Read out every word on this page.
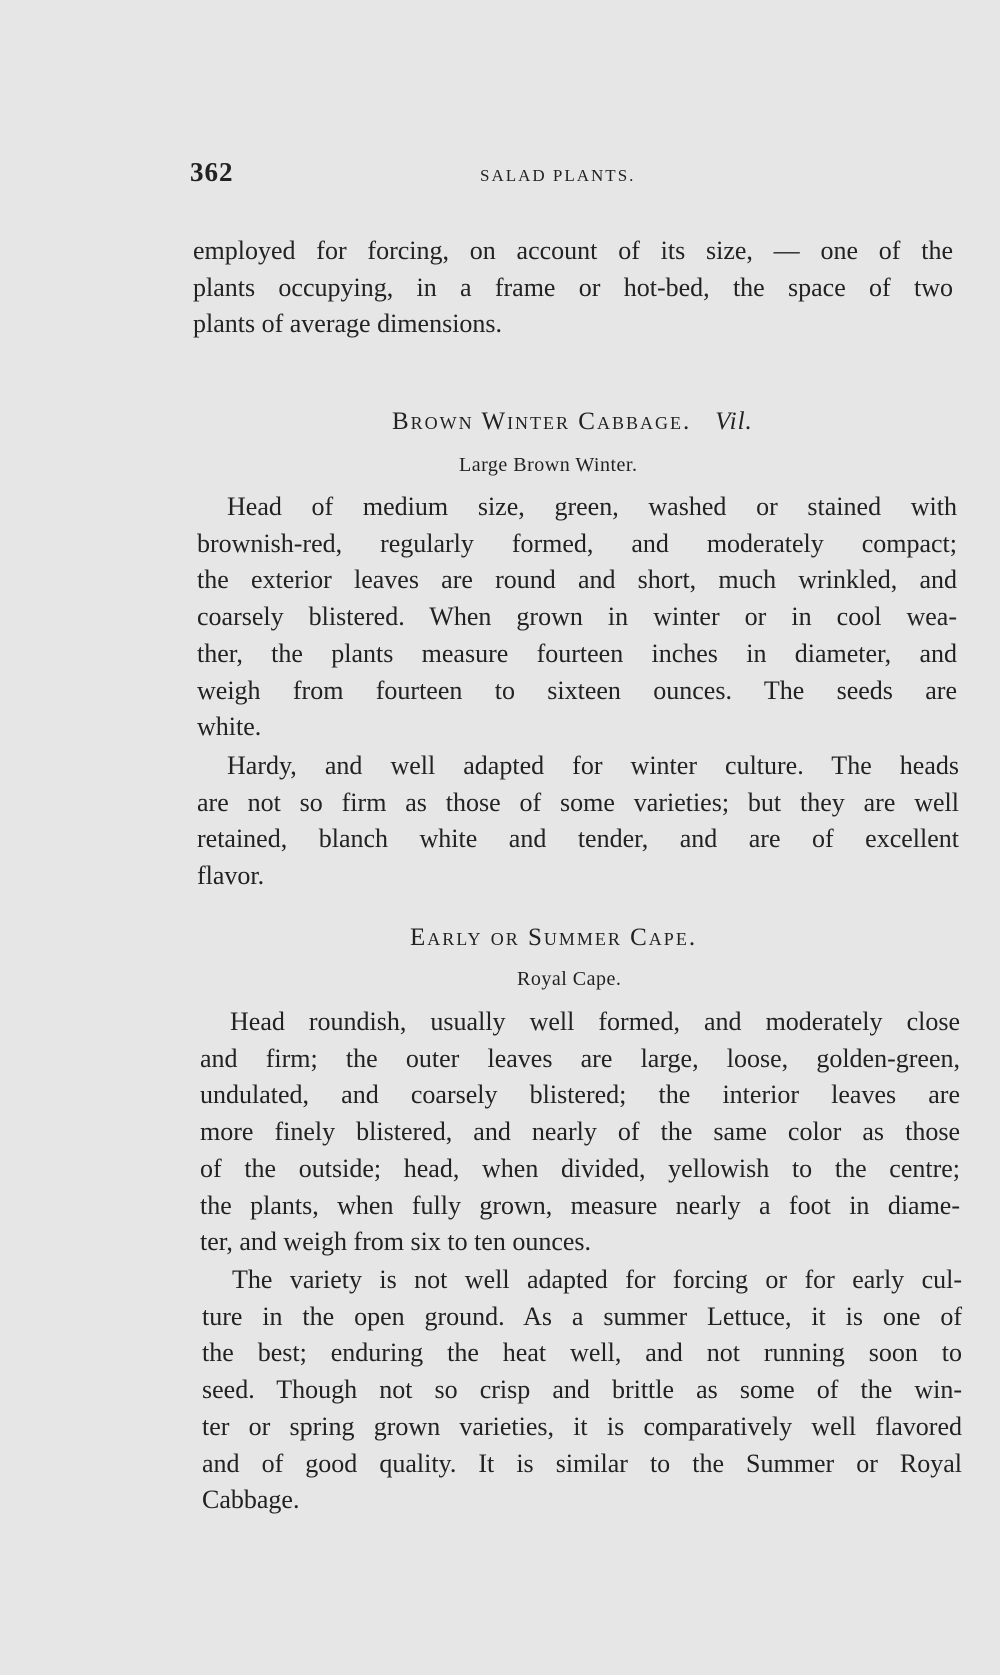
362	SALAD PLANTS.
employed for forcing, on account of its size, — one of the
plants occupying, in a frame or hot-bed, the space of two
plants of average dimensions.
Brown Winter Cabbage. Vil.
Large Brown Winter.
Head of medium size, green, washed or stained with
brownish-red, regularly formed, and moderately compact;
the exterior leaves are round and short, much wrinkled, and
coarsely blistered. When grown in winter or in cool wea-
ther, the plants measure fourteen inches in diameter, and
weigh from fourteen to sixteen ounces. The seeds are
white.
Hardy, and well adapted for winter culture. The heads
are not so firm as those of some varieties; but they are well
retained, blanch white and tender, and are of excellent
flavor.
Early or Summer Cape.
Royal Cape.
Head roundish, usually well formed, and moderately close
and firm; the outer leaves are large, loose, golden-green,
undulated, and coarsely blistered; the interior leaves are
more finely blistered, and nearly of the same color as those
of the outside; head, when divided, yellowish to the centre;
the plants, when fully grown, measure nearly a foot in diame-
ter, and weigh from six to ten ounces.
The variety is not well adapted for forcing or for early cul-
ture in the open ground. As a summer Lettuce, it is one of
the best; enduring the heat well, and not running soon to
seed. Though not so crisp and brittle as some of the win-
ter or spring grown varieties, it is comparatively well flavored
and of good quality. It is similar to the Summer or Royal
Cabbage.
